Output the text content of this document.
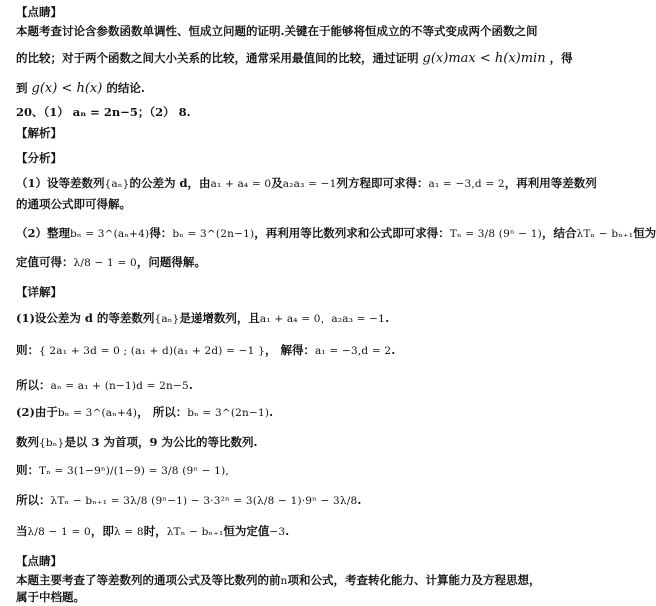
【点睛】
本题考查讨论含参数函数单调性、恒成立问题的证明.关键在于能够将恒成立的不等式变成两个函数之间
的比较；对于两个函数之间大小关系的比较，通常采用最值间的比较，通过证明 g(x)max < h(x)min ，得
到 g(x) < h(x) 的结论.
20、（1） aₙ = 2n−5；（2） 8.
【解析】
【分析】
（1）设等差数列{aₙ}的公差为 d，由a₁ + a₄ = 0及a₂a₃ = −1列方程即可求得：a₁ = −3,d = 2，再利用等差数列
的通项公式即可得解。
（2）整理bₙ = 3^(aₙ+4)得：bₙ = 3^(2n−1)，再利用等比数列求和公式即可求得：Tₙ = 3/8 (9ⁿ − 1)，结合λTₙ − bₙ₊₁恒为
定值可得：λ/8 − 1 = 0，问题得解。
【详解】
(1)设公差为 d 的等差数列{aₙ}是递增数列，且a₁ + a₄ = 0，a₂a₃ = −1.
则：{ 2a₁ + 3d = 0 ; (a₁ + d)(a₁ + 2d) = −1 }， 解得：a₁ = −3,d = 2.
所以：aₙ = a₁ + (n−1)d = 2n−5.
(2)由于bₙ = 3^(aₙ+4)， 所以：bₙ = 3^(2n−1).
数列{bₙ}是以 3 为首项，9 为公比的等比数列.
则：Tₙ = 3(1−9ⁿ)/(1−9) = 3/8 (9ⁿ − 1),
所以：λTₙ − bₙ₊₁ = 3λ/8 (9ⁿ−1) − 3·3²ⁿ = 3(λ/8 − 1)·9ⁿ − 3λ/8.
当λ/8 − 1 = 0，即λ = 8时，λTₙ − bₙ₊₁恒为定值−3.
【点睛】
本题主要考查了等差数列的通项公式及等比数列的前n项和公式，考查转化能力、计算能力及方程思想，
属于中档题。
